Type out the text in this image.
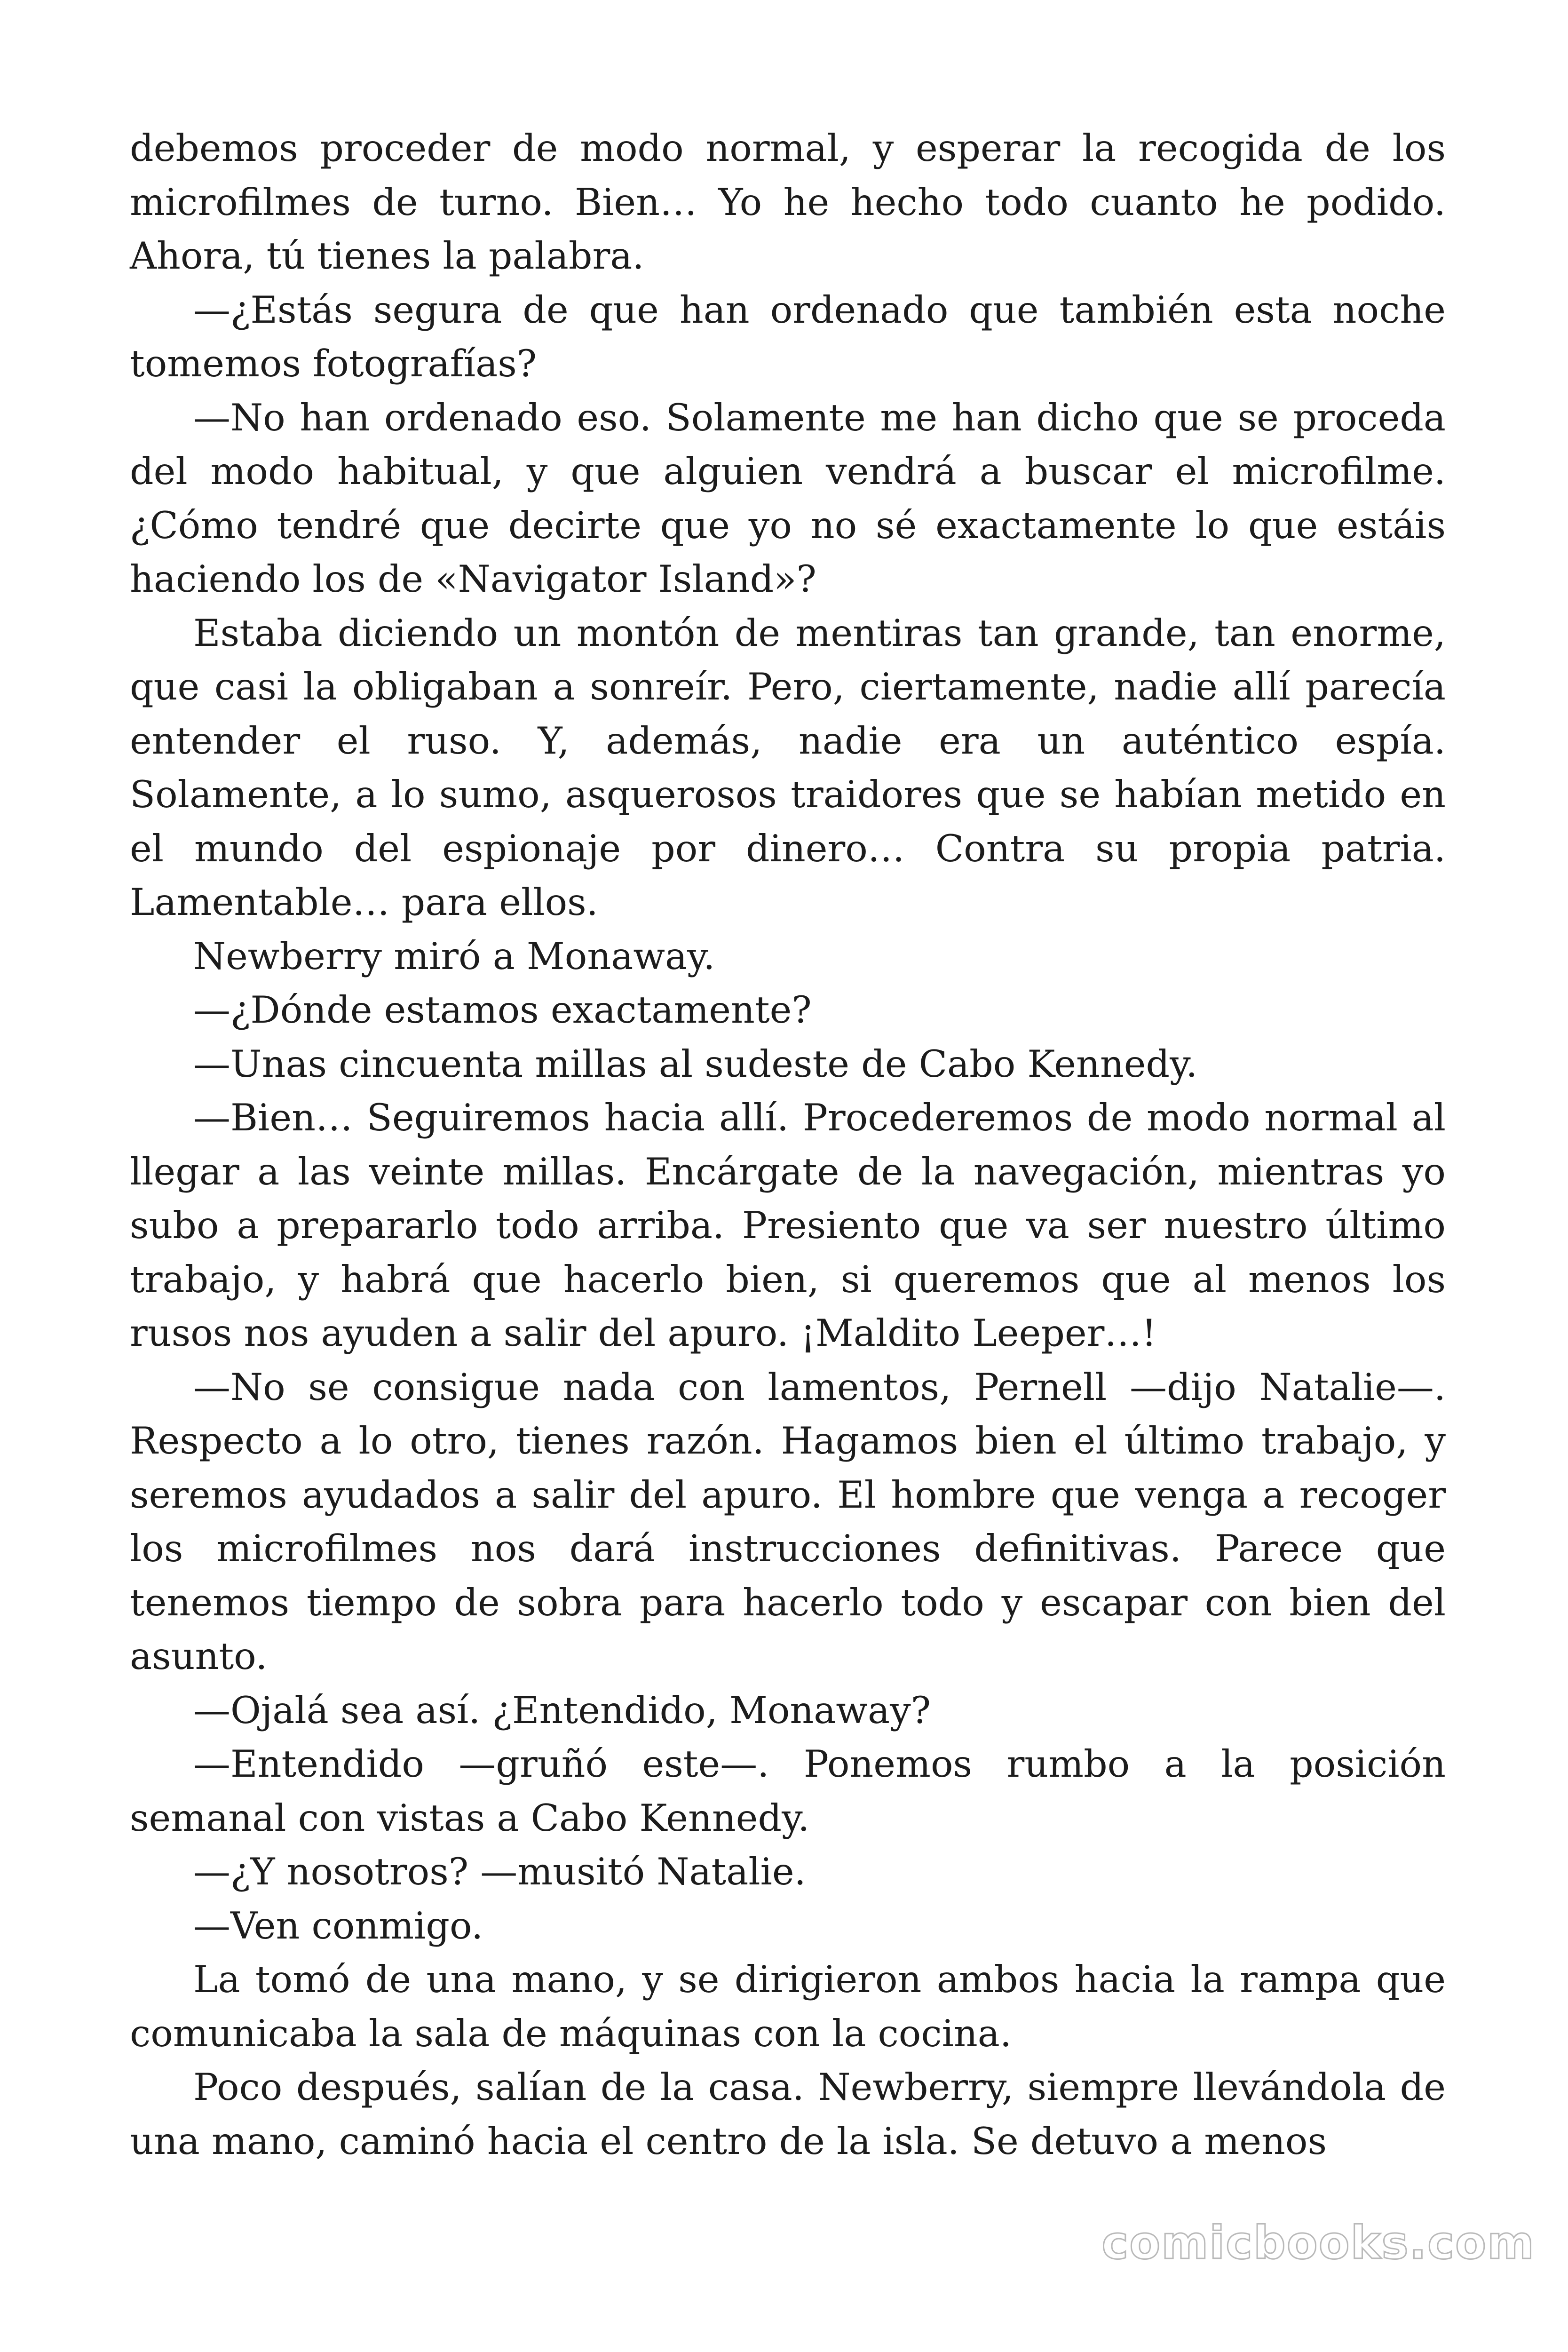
debemos proceder de modo normal, y esperar la recogida de los microfilmes de turno. Bien… Yo he hecho todo cuanto he podido. Ahora, tú tienes la palabra.

—¿Estás segura de que han ordenado que también esta noche tomemos fotografías?

—No han ordenado eso. Solamente me han dicho que se proceda del modo habitual, y que alguien vendrá a buscar el microfilme. ¿Cómo tendré que decirte que yo no sé exactamente lo que estáis haciendo los de «Navigator Island»?

Estaba diciendo un montón de mentiras tan grande, tan enorme, que casi la obligaban a sonreír. Pero, ciertamente, nadie allí parecía entender el ruso. Y, además, nadie era un auténtico espía. Solamente, a lo sumo, asquerosos traidores que se habían metido en el mundo del espionaje por dinero… Contra su propia patria. Lamentable… para ellos.

Newberry miró a Monaway.

—¿Dónde estamos exactamente?

—Unas cincuenta millas al sudeste de Cabo Kennedy.

—Bien… Seguiremos hacia allí. Procederemos de modo normal al llegar a las veinte millas. Encárgate de la navegación, mientras yo subo a prepararlo todo arriba. Presiento que va ser nuestro último trabajo, y habrá que hacerlo bien, si queremos que al menos los rusos nos ayuden a salir del apuro. ¡Maldito Leeper…!

—No se consigue nada con lamentos, Pernell —dijo Natalie—. Respecto a lo otro, tienes razón. Hagamos bien el último trabajo, y seremos ayudados a salir del apuro. El hombre que venga a recoger los microfilmes nos dará instrucciones definitivas. Parece que tenemos tiempo de sobra para hacerlo todo y escapar con bien del asunto.

—Ojalá sea así. ¿Entendido, Monaway?

—Entendido —gruñó este—. Ponemos rumbo a la posición semanal con vistas a Cabo Kennedy.

—¿Y nosotros? —musitó Natalie.

—Ven conmigo.

La tomó de una mano, y se dirigieron ambos hacia la rampa que comunicaba la sala de máquinas con la cocina.

Poco después, salían de la casa. Newberry, siempre llevándola de una mano, caminó hacia el centro de la isla. Se detuvo a menos

comicbooks.com
